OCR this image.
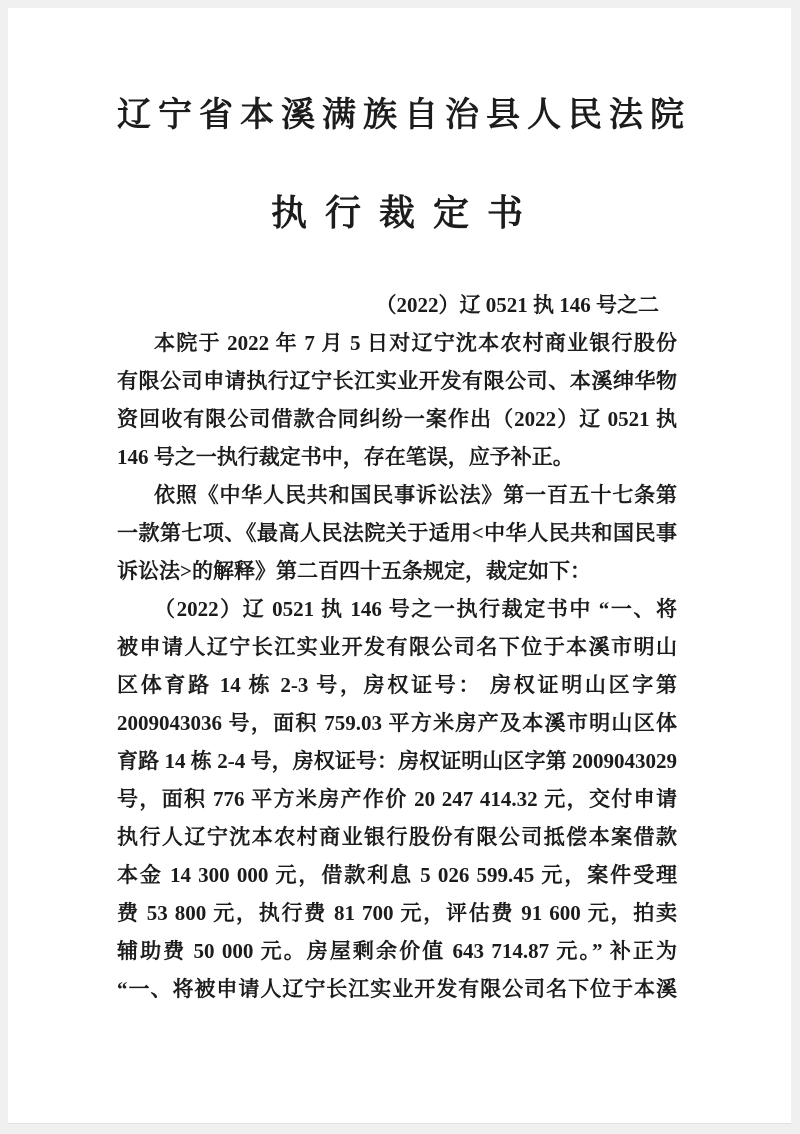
辽宁省本溪满族自治县人民法院
执行裁定书
（2022）辽 0521 执 146 号之二
本院于 2022 年 7 月 5 日对辽宁沈本农村商业银行股份
有限公司申请执行辽宁长江实业开发有限公司、本溪绅华物
资回收有限公司借款合同纠纷一案作出（2022）辽 0521 执
146 号之一执行裁定书中，存在笔误，应予补正。
依照《中华人民共和国民事诉讼法》第一百五十七条第
一款第七项、《最高人民法院关于适用<中华人民共和国民事
诉讼法>的解释》第二百四十五条规定，裁定如下：
（2022）辽 0521 执 146 号之一执行裁定书中 “一、将
被申请人辽宁长江实业开发有限公司名下位于本溪市明山
区体育路 14 栋 2-3 号，房权证号： 房权证明山区字第
2009043036 号，面积 759.03 平方米房产及本溪市明山区体
育路 14 栋 2-4 号，房权证号：房权证明山区字第 2009043029
号，面积 776 平方米房产作价 20 247 414.32 元，交付申请
执行人辽宁沈本农村商业银行股份有限公司抵偿本案借款
本金 14 300 000 元，借款利息 5 026 599.45 元，案件受理
费 53 800 元，执行费 81 700 元，评估费 91 600 元，拍卖
辅助费 50 000 元。房屋剩余价值 643 714.87 元。” 补正为
“一、将被申请人辽宁长江实业开发有限公司名下位于本溪
